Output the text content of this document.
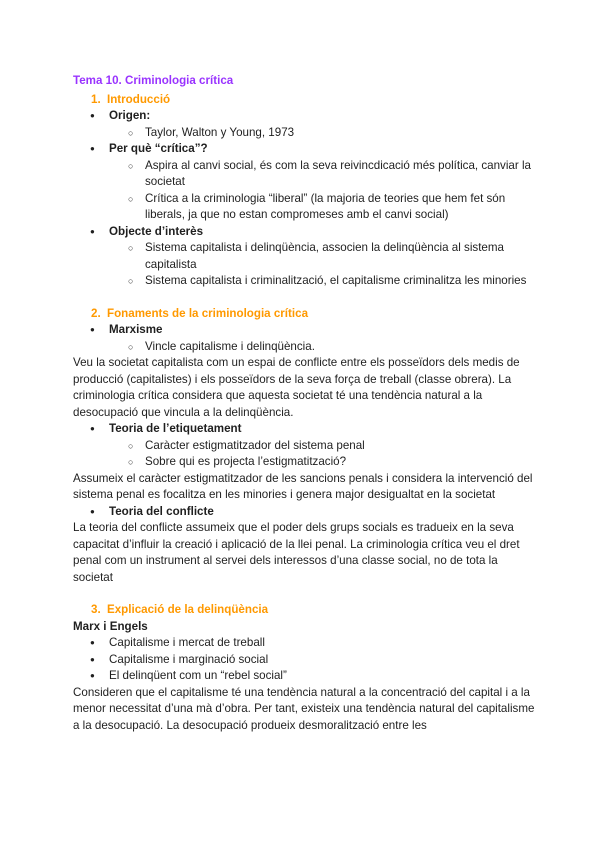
Tema 10. Criminologia crítica
1. Introducció
● Origen:
○ Taylor, Walton y Young, 1973
● Per què “crítica”?
○ Aspira al canvi social, és com la seva reivincdicació més política, canviar la societat
○ Crítica a la criminologia “liberal” (la majoria de teories que hem fet són liberals, ja que no estan compromeses amb el canvi social)
● Objecte d’interès
○ Sistema capitalista i delinqüència, associen la delinqüència al sistema capitalista
○ Sistema capitalista i criminalització, el capitalisme criminalitza les minories
2. Fonaments de la criminologia crítica
● Marxisme
○ Vincle capitalisme i delinqüència.

Veu la societat capitalista com un espai de conflicte entre els posseïdors dels medis de producció (capitalistes) i els posseïdors de la seva força de treball (classe obrera). La criminologia crítica considera que aquesta societat té una tendència natural a la desocupació que vincula a la delinqüència.

● Teoria de l’etiquetament
○ Caràcter estigmatitzador del sistema penal
○ Sobre qui es projecta l’estigmatització?

Assumeix el caràcter estigmatitzador de les sancions penals i considera la intervenció del sistema penal es focalitza en les minories i genera major desigualtat en la societat

● Teoria del conflicte

La teoria del conflicte assumeix que el poder dels grups socials es tradueix en la seva capacitat d’influir la creació i aplicació de la llei penal. La criminologia crítica veu el dret penal com un instrument al servei dels interessos d’una classe social, no de tota la societat

3. Explicació de la delinqüència
Marx i Engels
● Capitalisme i mercat de treball
● Capitalisme i marginació social
● El delinqüent com un “rebel social”

Consideren que el capitalisme té una tendència natural a la concentració del capital i a la menor necessitat d’una mà d’obra. Per tant, existeix una tendència natural del capitalisme a la desocupació. La desocupació produeix desmoralització entre les
